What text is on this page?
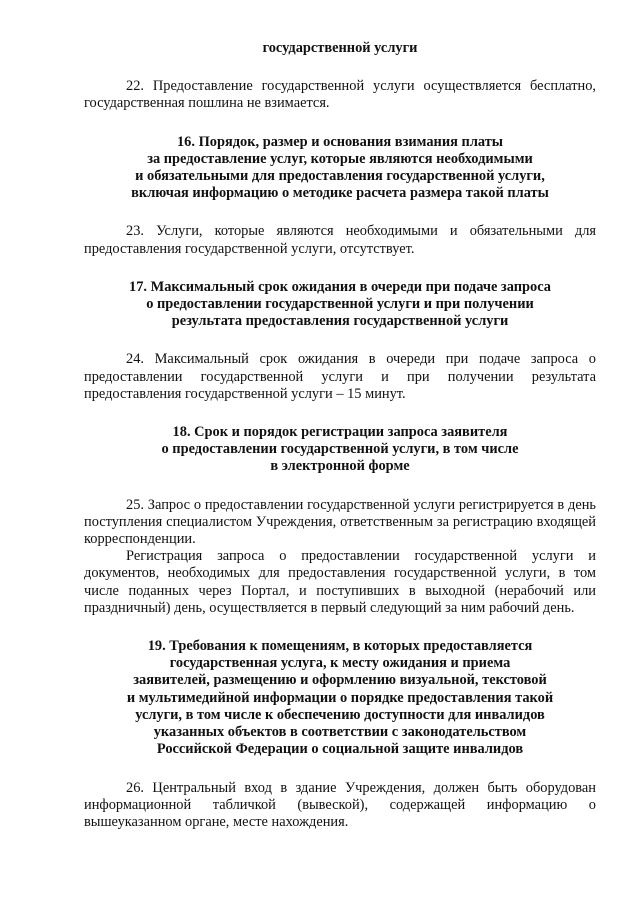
государственной услуги

22. Предоставление государственной услуги осуществляется бесплатно, государственная пошлина не взимается.

16. Порядок, размер и основания взимания платы
за предоставление услуг, которые являются необходимыми
и обязательными для предоставления государственной услуги,
включая информацию о методике расчета размера такой платы

23. Услуги, которые являются необходимыми и обязательными для предоставления государственной услуги, отсутствует.

17. Максимальный срок ожидания в очереди при подаче запроса
о предоставлении государственной услуги и при получении
результата предоставления государственной услуги

24. Максимальный срок ожидания в очереди при подаче запроса о предоставлении государственной услуги и при получении результата предоставления государственной услуги – 15 минут.

18. Срок и порядок регистрации запроса заявителя
о предоставлении государственной услуги, в том числе
в электронной форме

25. Запрос о предоставлении государственной услуги регистрируется в день поступления специалистом Учреждения, ответственным за регистрацию входящей корреспонденции.

Регистрация запроса о предоставлении государственной услуги и документов, необходимых для предоставления государственной услуги, в том числе поданных через Портал, и поступивших в выходной (нерабочий или праздничный) день, осуществляется в первый следующий за ним рабочий день.

19. Требования к помещениям, в которых предоставляется
государственная услуга, к месту ожидания и приема
заявителей, размещению и оформлению визуальной, текстовой
и мультимедийной информации о порядке предоставления такой
услуги, в том числе к обеспечению доступности для инвалидов
указанных объектов в соответствии с законодательством
Российской Федерации о социальной защите инвалидов

26. Центральный вход в здание Учреждения, должен быть оборудован информационной табличкой (вывеской), содержащей информацию о вышеуказанном органе, месте нахождения.
